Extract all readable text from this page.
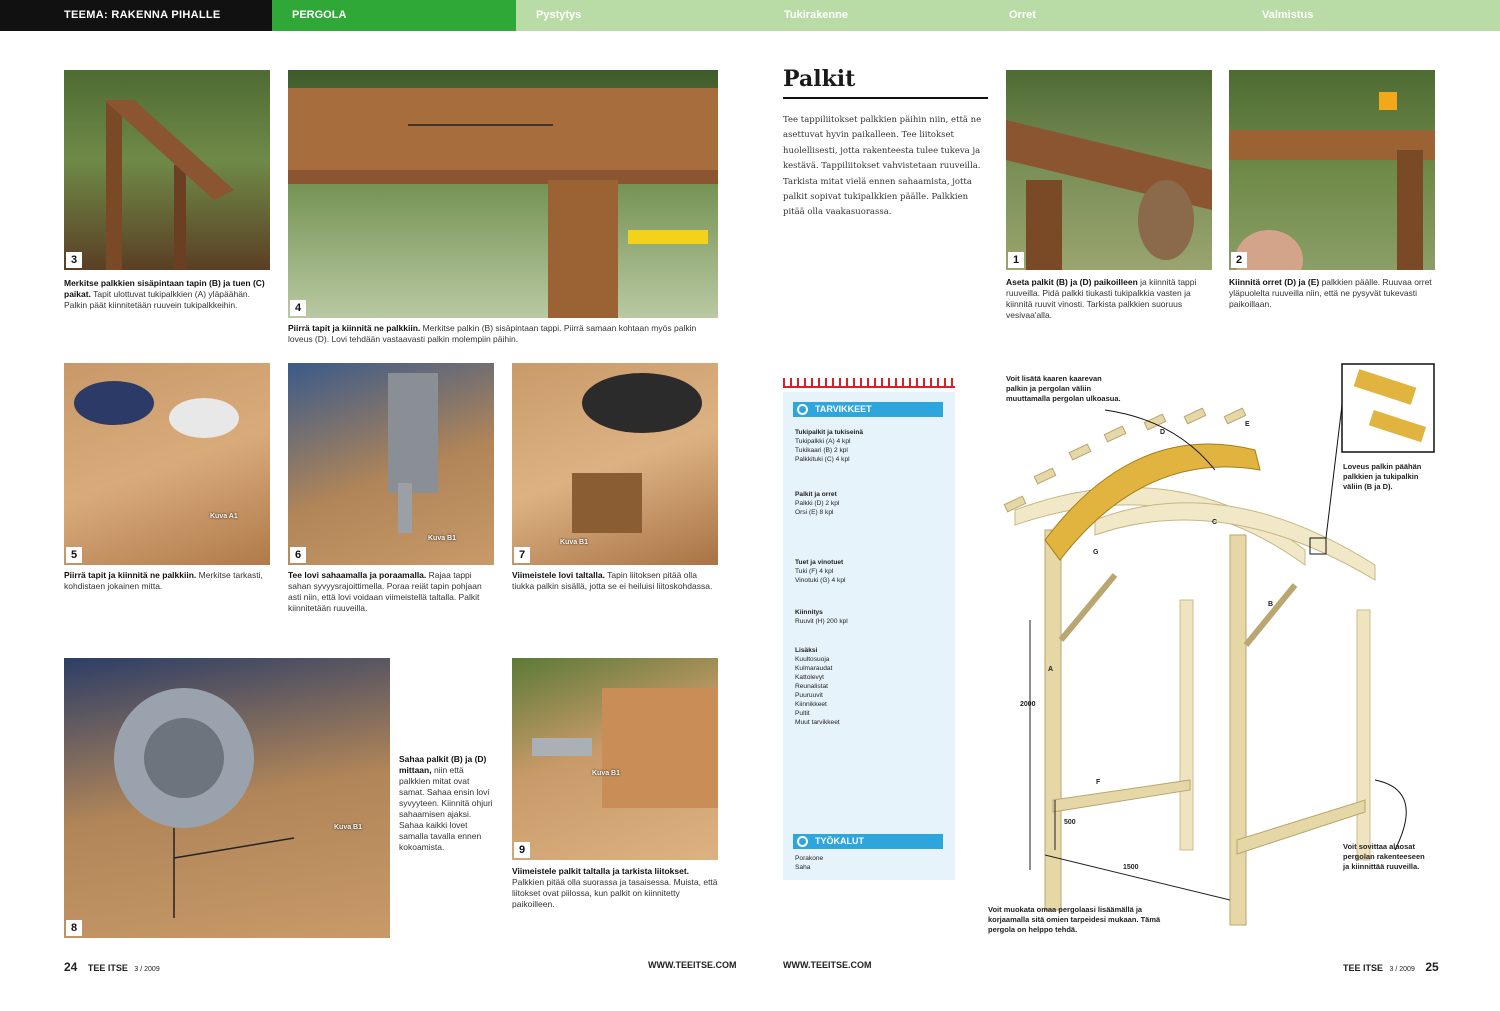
TEEMA: RAKENNA PIHALLE	PERGOLA	Pystytys	Tukirakenne	Orret	Valmistus
3
4
Merkitse palkkien sisäpintaan tapin (B) ja tuen (C) paikat. Tapit ulottuvat tukipalkkien (A) yläpäähän. Palkin päät kiinnitetään ruuvein tukipalkkeihin.
Piirrä tapit ja kiinnitä ne palkkiin. Merkitse palkin (B) sisäpintaan tappi. Piirrä samaan kohtaan myös palkin loveus (D). Lovi tehdään vastaavasti palkin molempiin päihin.
Kuva A1
5
Kuva B1
6
Kuva B1
7
Piirrä tapit ja kiinnitä ne palkkiin. Merkitse tarkasti, kohdistaen jokainen mitta.
Tee lovi sahaamalla ja poraamalla. Rajaa tappi sahan syvyysrajoittimella. Poraa reiät tapin pohjaan asti niin, että lovi voidaan viimeistellä taltalla. Palkit kiinnitetään ruuveilla.
Viimeistele lovi taltalla. Tapin liitoksen pitää olla tiukka palkin sisällä, jotta se ei heiluisi liitoskohdassa.
Kuva B1
8
Sahaa palkit (B) ja (D) mittaan, niin että palkkien mitat ovat samat. Sahaa ensin lovi syvyyteen. Kiinnitä ohjuri sahaamisen ajaksi. Sahaa kaikki lovet samalla tavalla ennen kokoamista.
Kuva B1
9
Viimeistele palkit taltalla ja tarkista liitokset. Palkkien pitää olla suorassa ja tasaisessa. Muista, että liitokset ovat piilossa, kun palkit on kiinnitetty paikoilleen.
24 TEE ITSE 3 / 2009	WWW.TEEITSE.COM
Palkit
Tee tappiliitokset palkkien päihin niin, että ne asettuvat hyvin paikalleen. Tee liitokset huolellisesti, jotta rakenteesta tulee tukeva ja kestävä. Tappiliitokset vahvistetaan ruuveilla. Tarkista mitat vielä ennen sahaamista, jotta palkit sopivat tukipalkkien päälle. Palkkien pitää olla vaakasuorassa.
1	2
Aseta palkit (B) ja (D) paikoilleen ja kiinnitä tappi ruuveilla. Pidä palkki tiukasti tukipalkkia vasten ja kiinnitä ruuvit vinosti. Tarkista palkkien suoruus vesivaa'alla.
Kiinnitä orret (D) ja (E) palkkien päälle. Ruuvaa orret yläpuolelta ruuveilla niin, että ne pysyvät tukevasti paikoillaan.
TARVIKKEET
Tukipalkit ja tukiseinä
Tukipalkki (A) 4 kpl
Tukikaari (B) 2 kpl
Palkkituki (C) 4 kpl
Palkit ja orret
Palkki (D) 2 kpl
Orsi (E) 8 kpl
Tuet ja vinotuet
Tuki (F) 4 kpl
Vinotuki (G) 4 kpl
Kiinnitys
Ruuvit (H) 200 kpl
Lisäksi
Kuultosuoja
Kulmaraudat
Kattolevyt
Reunalistat
Puuruuvit
Kiinnikkeet
Pultit
Muut tarvikkeet
TYÖKALUT
Porakone
Saha
C
G
A
D
E
F
B
2000
1500
500
Voit lisätä kaaren kaarevan palkin ja pergolan väliin muuttamalla pergolan ulkoasua.
Loveus palkin päähän palkkien ja tukipalkin väliin (B ja D).
Voit sovittaa alaosat pergolan rakenteeseen ja kiinnittää ruuveilla.
Voit muokata omaa pergolaasi lisäämällä ja korjaamalla sitä omien tarpeidesi mukaan. Tämä pergola on helppo tehdä.
WWW.TEEITSE.COM	TEE ITSE 3 / 2009 25
